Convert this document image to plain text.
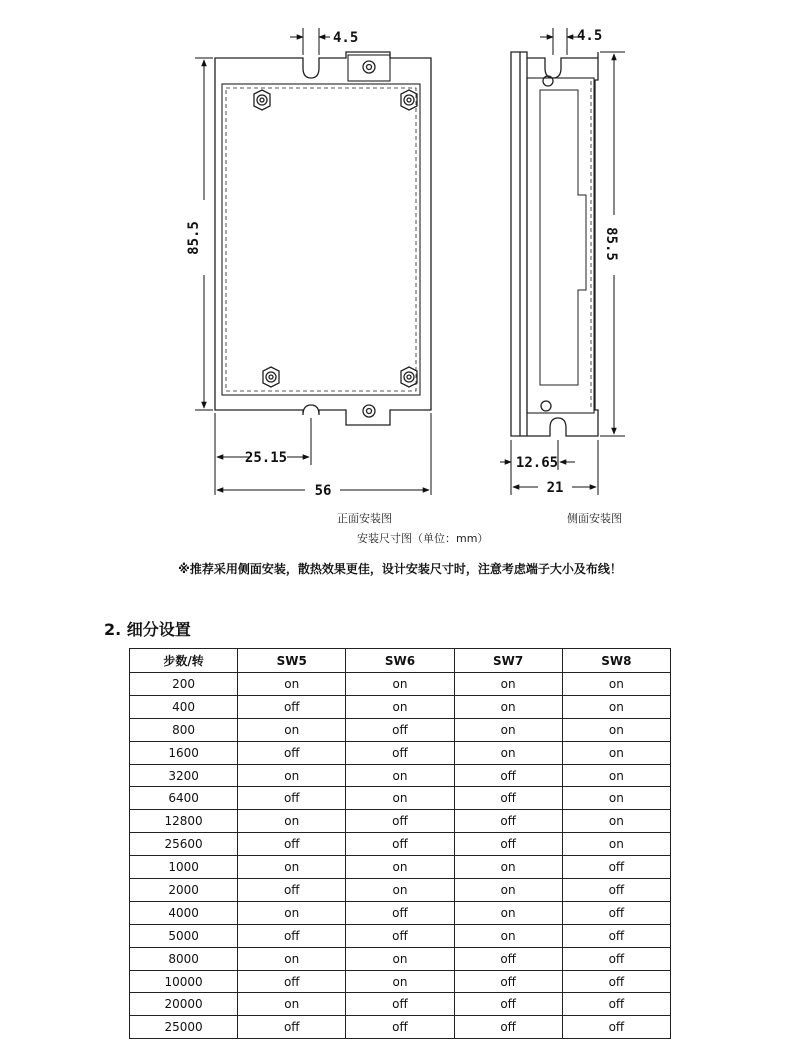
4.5
85.5
25.15
56
4.5
85.5
12.65
21
正面安装图	侧面安装图
安装尺寸图（单位：mm）
※推荐采用侧面安装，散热效果更佳，设计安装尺寸时，注意考虑端子大小及布线！
2. 细分设置
步数/转	SW5	SW6	SW7	SW8
200	on	on	on	on
400	off	on	on	on
800	on	off	on	on
1600	off	off	on	on
3200	on	on	off	on
6400	off	on	off	on
12800	on	off	off	on
25600	off	off	off	on
1000	on	on	on	off
2000	off	on	on	off
4000	on	off	on	off
5000	off	off	on	off
8000	on	on	off	off
10000	off	on	off	off
20000	on	off	off	off
25000	off	off	off	off
